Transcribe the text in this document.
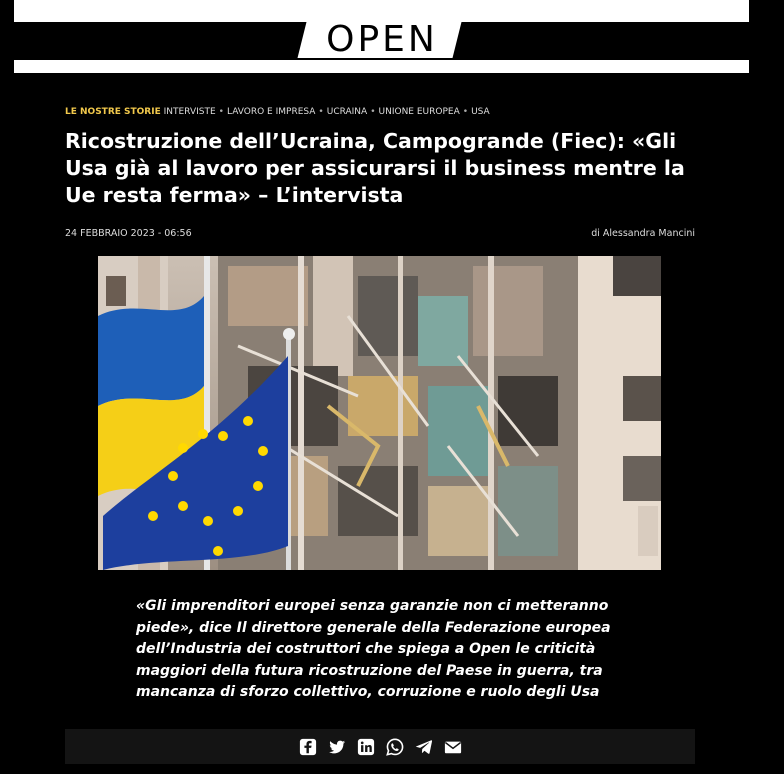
OPEN
LE NOSTRE STORIE INTERVISTE • LAVORO E IMPRESA • UCRAINA • UNIONE EUROPEA • USA
Ricostruzione dell’Ucraina, Campogrande (Fiec): «Gli Usa già al lavoro per assicurarsi il business mentre la Ue resta ferma» – L’intervista
24 FEBBRAIO 2023 - 06:56	di Alessandra Mancini

«Gli imprenditori europei senza garanzie non ci metteranno piede», dice Il direttore generale della Federazione europea dell’Industria dei costruttori che spiega a Open le criticità maggiori della futura ricostruzione del Paese in guerra, tra mancanza di sforzo collettivo, corruzione e ruolo degli Usa
